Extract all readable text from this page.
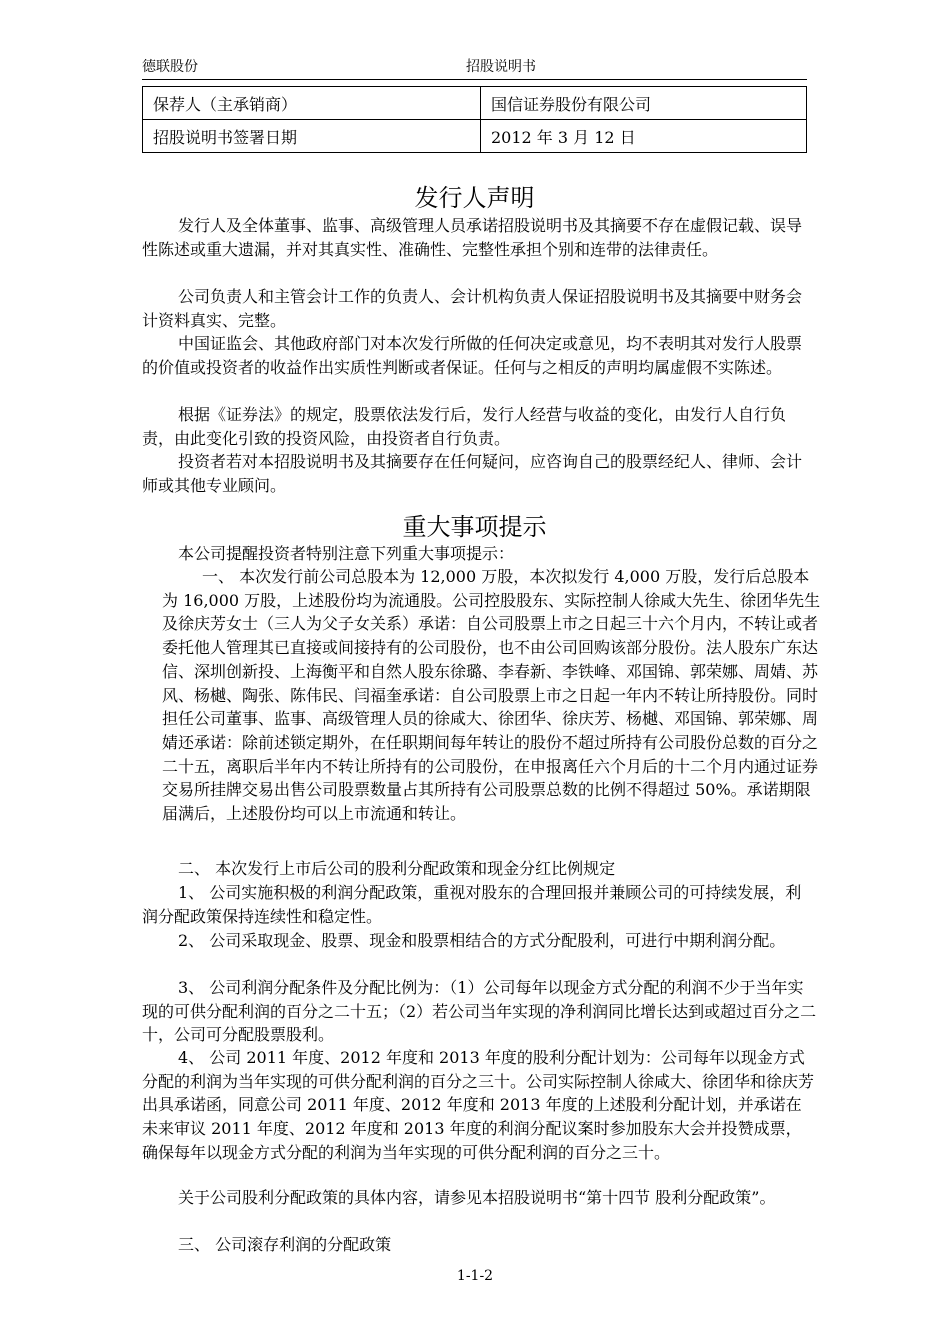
德联股份	招股说明书
保荐人（主承销商）	国信证券股份有限公司
招股说明书签署日期	2012 年 3 月 12 日
发行人声明

发行人及全体董事、监事、高级管理人员承诺招股说明书及其摘要不存在虚假记载、误导性陈述或重大遗漏，并对其真实性、准确性、完整性承担个别和连带的法律责任。

公司负责人和主管会计工作的负责人、会计机构负责人保证招股说明书及其摘要中财务会计资料真实、完整。

中国证监会、其他政府部门对本次发行所做的任何决定或意见，均不表明其对发行人股票的价值或投资者的收益作出实质性判断或者保证。任何与之相反的声明均属虚假不实陈述。

根据《证券法》的规定，股票依法发行后，发行人经营与收益的变化，由发行人自行负责，由此变化引致的投资风险，由投资者自行负责。

投资者若对本招股说明书及其摘要存在任何疑问，应咨询自己的股票经纪人、律师、会计师或其他专业顾问。

重大事项提示

本公司提醒投资者特别注意下列重大事项提示：

一、 本次发行前公司总股本为 12,000 万股，本次拟发行 4,000 万股，发行后总股本为 16,000 万股，上述股份均为流通股。公司控股股东、实际控制人徐咸大先生、徐团华先生及徐庆芳女士（三人为父子女关系）承诺：自公司股票上市之日起三十六个月内，不转让或者委托他人管理其已直接或间接持有的公司股份，也不由公司回购该部分股份。法人股东广东达信、深圳创新投、上海衡平和自然人股东徐璐、李春新、李铁峰、邓国锦、郭荣娜、周婧、苏风、杨樾、陶张、陈伟民、闫福奎承诺：自公司股票上市之日起一年内不转让所持股份。同时担任公司董事、监事、高级管理人员的徐咸大、徐团华、徐庆芳、杨樾、邓国锦、郭荣娜、周婧还承诺：除前述锁定期外，在任职期间每年转让的股份不超过所持有公司股份总数的百分之二十五，离职后半年内不转让所持有的公司股份，在申报离任六个月后的十二个月内通过证券交易所挂牌交易出售公司股票数量占其所持有公司股票总数的比例不得超过 50%。承诺期限届满后，上述股份均可以上市流通和转让。

二、 本次发行上市后公司的股利分配政策和现金分红比例规定

1、 公司实施积极的利润分配政策，重视对股东的合理回报并兼顾公司的可持续发展，利润分配政策保持连续性和稳定性。

2、 公司采取现金、股票、现金和股票相结合的方式分配股利，可进行中期利润分配。

3、 公司利润分配条件及分配比例为：（1）公司每年以现金方式分配的利润不少于当年实现的可供分配利润的百分之二十五；（2）若公司当年实现的净利润同比增长达到或超过百分之二十，公司可分配股票股利。

4、 公司 2011 年度、2012 年度和 2013 年度的股利分配计划为：公司每年以现金方式分配的利润为当年实现的可供分配利润的百分之三十。公司实际控制人徐咸大、徐团华和徐庆芳出具承诺函，同意公司 2011 年度、2012 年度和 2013 年度的上述股利分配计划，并承诺在未来审议 2011 年度、2012 年度和 2013 年度的利润分配议案时参加股东大会并投赞成票，确保每年以现金方式分配的利润为当年实现的可供分配利润的百分之三十。

关于公司股利分配政策的具体内容，请参见本招股说明书“第十四节 股利分配政策”。

三、 公司滚存利润的分配政策

1-1-2
